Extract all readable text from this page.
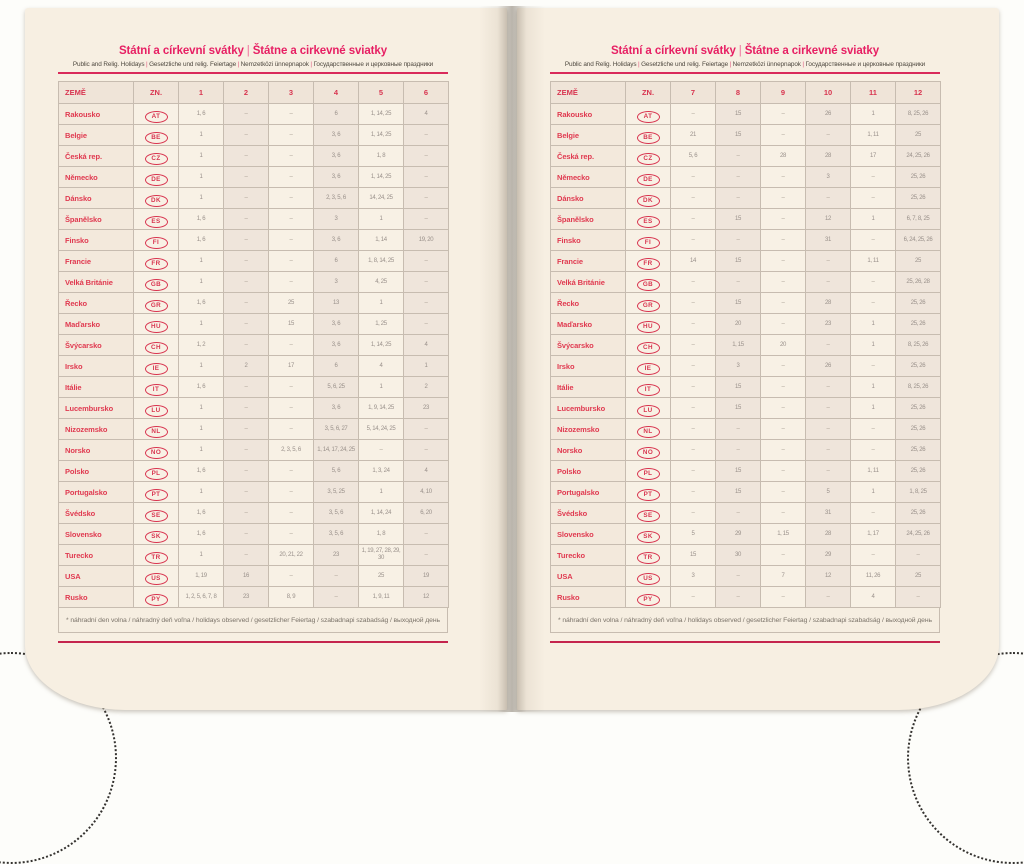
Státní a církevní svátky | Štátne a cirkevné sviatky
Public and Relig. Holidays | Gesetzliche und relig. Feiertage | Nemzetközi ünnepnapok | Государственные и церковные праздники
ZEMĚ	ZN.	1	2	3	4	5	6
Rakousko	AT	1, 6	–	–	6	1, 14, 25	4
Belgie	BE	1	–	–	3, 6	1, 14, 25	–
Česká rep.	CZ	1	–	–	3, 6	1, 8	–
Německo	DE	1	–	–	3, 6	1, 14, 25	–
Dánsko	DK	1	–	–	2, 3, 5, 6	14, 24, 25	–
Španělsko	ES	1, 6	–	–	3	1	–
Finsko	FI	1, 6	–	–	3, 6	1, 14	19, 20
Francie	FR	1	–	–	6	1, 8, 14, 25	–
Velká Británie	GB	1	–	–	3	4, 25	–
Řecko	GR	1, 6	–	25	13	1	–
Maďarsko	HU	1	–	15	3, 6	1, 25	–
Švýcarsko	CH	1, 2	–	–	3, 6	1, 14, 25	4
Irsko	IE	1	2	17	6	4	1
Itálie	IT	1, 6	–	–	5, 6, 25	1	2
Lucembursko	LU	1	–	–	3, 6	1, 9, 14, 25	23
Nizozemsko	NL	1	–	–	3, 5, 6, 27	5, 14, 24, 25	–
Norsko	NO	1	–	2, 3, 5, 6	1, 14, 17, 24, 25	–	–
Polsko	PL	1, 6	–	–	5, 6	1, 3, 24	4
Portugalsko	PT	1	–	–	3, 5, 25	1	4, 10
Švédsko	SE	1, 6	–	–	3, 5, 6	1, 14, 24	6, 20
Slovensko	SK	1, 6	–	–	3, 5, 6	1, 8	–
Turecko	TR	1	–	20, 21, 22	23	1, 19, 27, 28, 29, 30	–
USA	US	1, 19	16	–	–	25	19
Rusko	PY	1, 2, 5, 6, 7, 8	23	8, 9	–	1, 9, 11	12
* náhradní den volna / náhradný deň voľna / holidays observed / gesetzlicher Feiertag / szabadnapi szabadság / выходной день
Státní a církevní svátky | Štátne a cirkevné sviatky
Public and Relig. Holidays | Gesetzliche und relig. Feiertage | Nemzetközi ünnepnapok | Государственные и церковные праздники
ZEMĚ	ZN.	7	8	9	10	11	12
Rakousko	AT	–	15	–	26	1	8, 25, 26
Belgie	BE	21	15	–	–	1, 11	25
Česká rep.	CZ	5, 6	–	28	28	17	24, 25, 26
Německo	DE	–	–	–	3	–	25, 26
Dánsko	DK	–	–	–	–	–	25, 26
Španělsko	ES	–	15	–	12	1	6, 7, 8, 25
Finsko	FI	–	–	–	31	–	6, 24, 25, 26
Francie	FR	14	15	–	–	1, 11	25
Velká Británie	GB	–	–	–	–	–	25, 26, 28
Řecko	GR	–	15	–	28	–	25, 26
Maďarsko	HU	–	20	–	23	1	25, 26
Švýcarsko	CH	–	1, 15	20	–	1	8, 25, 26
Irsko	IE	–	3	–	26	–	25, 26
Itálie	IT	–	15	–	–	1	8, 25, 26
Lucembursko	LU	–	15	–	–	1	25, 26
Nizozemsko	NL	–	–	–	–	–	25, 26
Norsko	NO	–	–	–	–	–	25, 26
Polsko	PL	–	15	–	–	1, 11	25, 26
Portugalsko	PT	–	15	–	5	1	1, 8, 25
Švédsko	SE	–	–	–	31	–	25, 26
Slovensko	SK	5	29	1, 15	28	1, 17	24, 25, 26
Turecko	TR	15	30	–	29	–	–
USA	US	3	–	7	12	11, 26	25
Rusko	PY	–	–	–	–	4	–
* náhradní den volna / náhradný deň voľna / holidays observed / gesetzlicher Feiertag / szabadnapi szabadság / выходной день
